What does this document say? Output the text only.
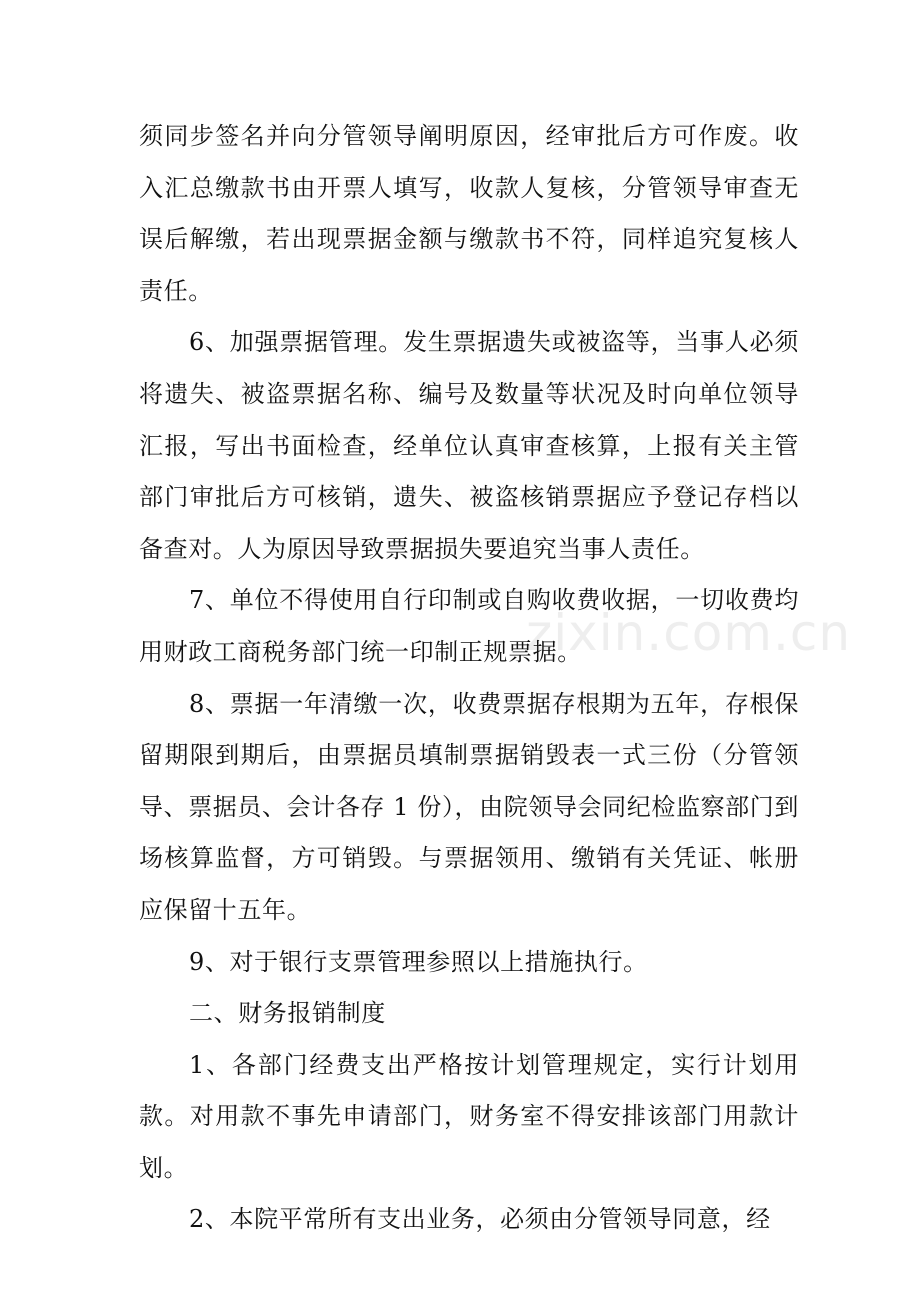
须同步签名并向分管领导阐明原因，经审批后方可作废。收入汇总缴款书由开票人填写，收款人复核，分管领导审查无误后解缴，若出现票据金额与缴款书不符，同样追究复核人责任。

6、加强票据管理。发生票据遗失或被盗等，当事人必须将遗失、被盗票据名称、编号及数量等状况及时向单位领导汇报，写出书面检查，经单位认真审查核算，上报有关主管部门审批后方可核销，遗失、被盗核销票据应予登记存档以备查对。人为原因导致票据损失要追究当事人责任。

7、单位不得使用自行印制或自购收费收据，一切收费均用财政工商税务部门统一印制正规票据。

8、票据一年清缴一次，收费票据存根期为五年，存根保留期限到期后，由票据员填制票据销毁表一式三份（分管领导、票据员、会计各存 1 份），由院领导会同纪检监察部门到场核算监督，方可销毁。与票据领用、缴销有关凭证、帐册应保留十五年。

9、对于银行支票管理参照以上措施执行。

二、财务报销制度

1、各部门经费支出严格按计划管理规定，实行计划用款。对用款不事先申请部门，财务室不得安排该部门用款计划。

2、本院平常所有支出业务，必须由分管领导同意，经

zixin.com.cn
